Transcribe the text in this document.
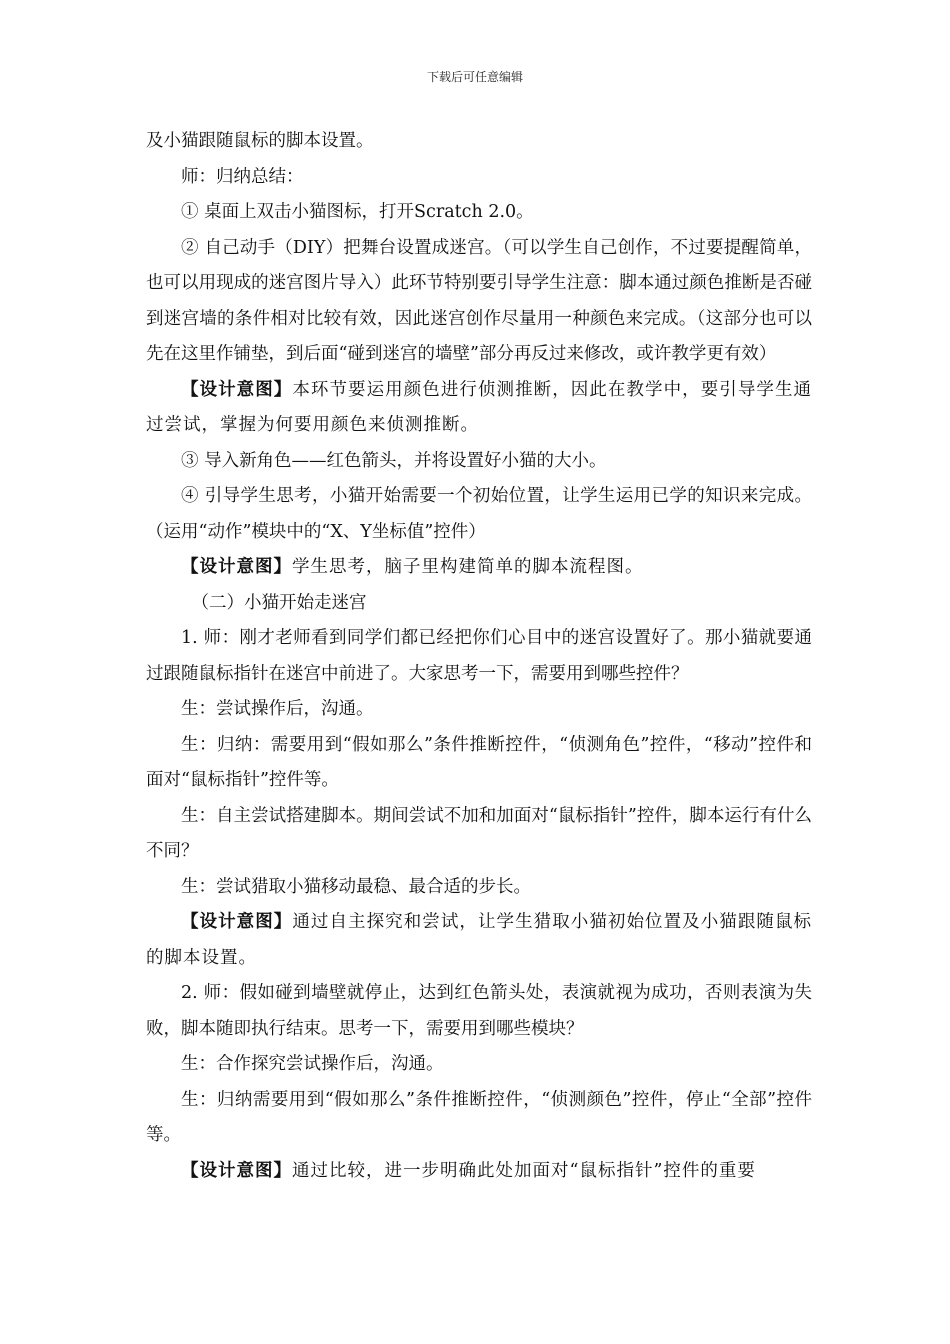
下载后可任意编辑

及小猫跟随鼠标的脚本设置。

师：归纳总结：

① 桌面上双击小猫图标，打开Scratch 2.0。

② 自己动手（DIY）把舞台设置成迷宫。（可以学生自己创作，不过要提醒简单，也可以用现成的迷宫图片导入）此环节特别要引导学生注意：脚本通过颜色推断是否碰到迷宫墙的条件相对比较有效，因此迷宫创作尽量用一种颜色来完成。（这部分也可以先在这里作铺垫，到后面“碰到迷宫的墙壁”部分再反过来修改，或许教学更有效）

【设计意图】本环节要运用颜色进行侦测推断，因此在教学中，要引导学生通过尝试，掌握为何要用颜色来侦测推断。

③ 导入新角色——红色箭头，并将设置好小猫的大小。

④ 引导学生思考，小猫开始需要一个初始位置，让学生运用已学的知识来完成。（运用“动作”模块中的“X、Y坐标值”控件）

【设计意图】学生思考，脑子里构建简单的脚本流程图。

（二）小猫开始走迷宫

1. 师：刚才老师看到同学们都已经把你们心目中的迷宫设置好了。那小猫就要通过跟随鼠标指针在迷宫中前进了。大家思考一下，需要用到哪些控件？

生：尝试操作后，沟通。

生：归纳：需要用到“假如那么”条件推断控件，“侦测角色”控件，“移动”控件和面对“鼠标指针”控件等。

生：自主尝试搭建脚本。期间尝试不加和加面对“鼠标指针”控件，脚本运行有什么不同？

生：尝试猎取小猫移动最稳、最合适的步长。

【设计意图】通过自主探究和尝试，让学生猎取小猫初始位置及小猫跟随鼠标的脚本设置。

2. 师：假如碰到墙壁就停止，达到红色箭头处，表演就视为成功，否则表演为失败，脚本随即执行结束。思考一下，需要用到哪些模块？

生：合作探究尝试操作后，沟通。

生：归纳需要用到“假如那么”条件推断控件，“侦测颜色”控件，停止“全部”控件等。

【设计意图】通过比较，进一步明确此处加面对“鼠标指针”控件的重要
